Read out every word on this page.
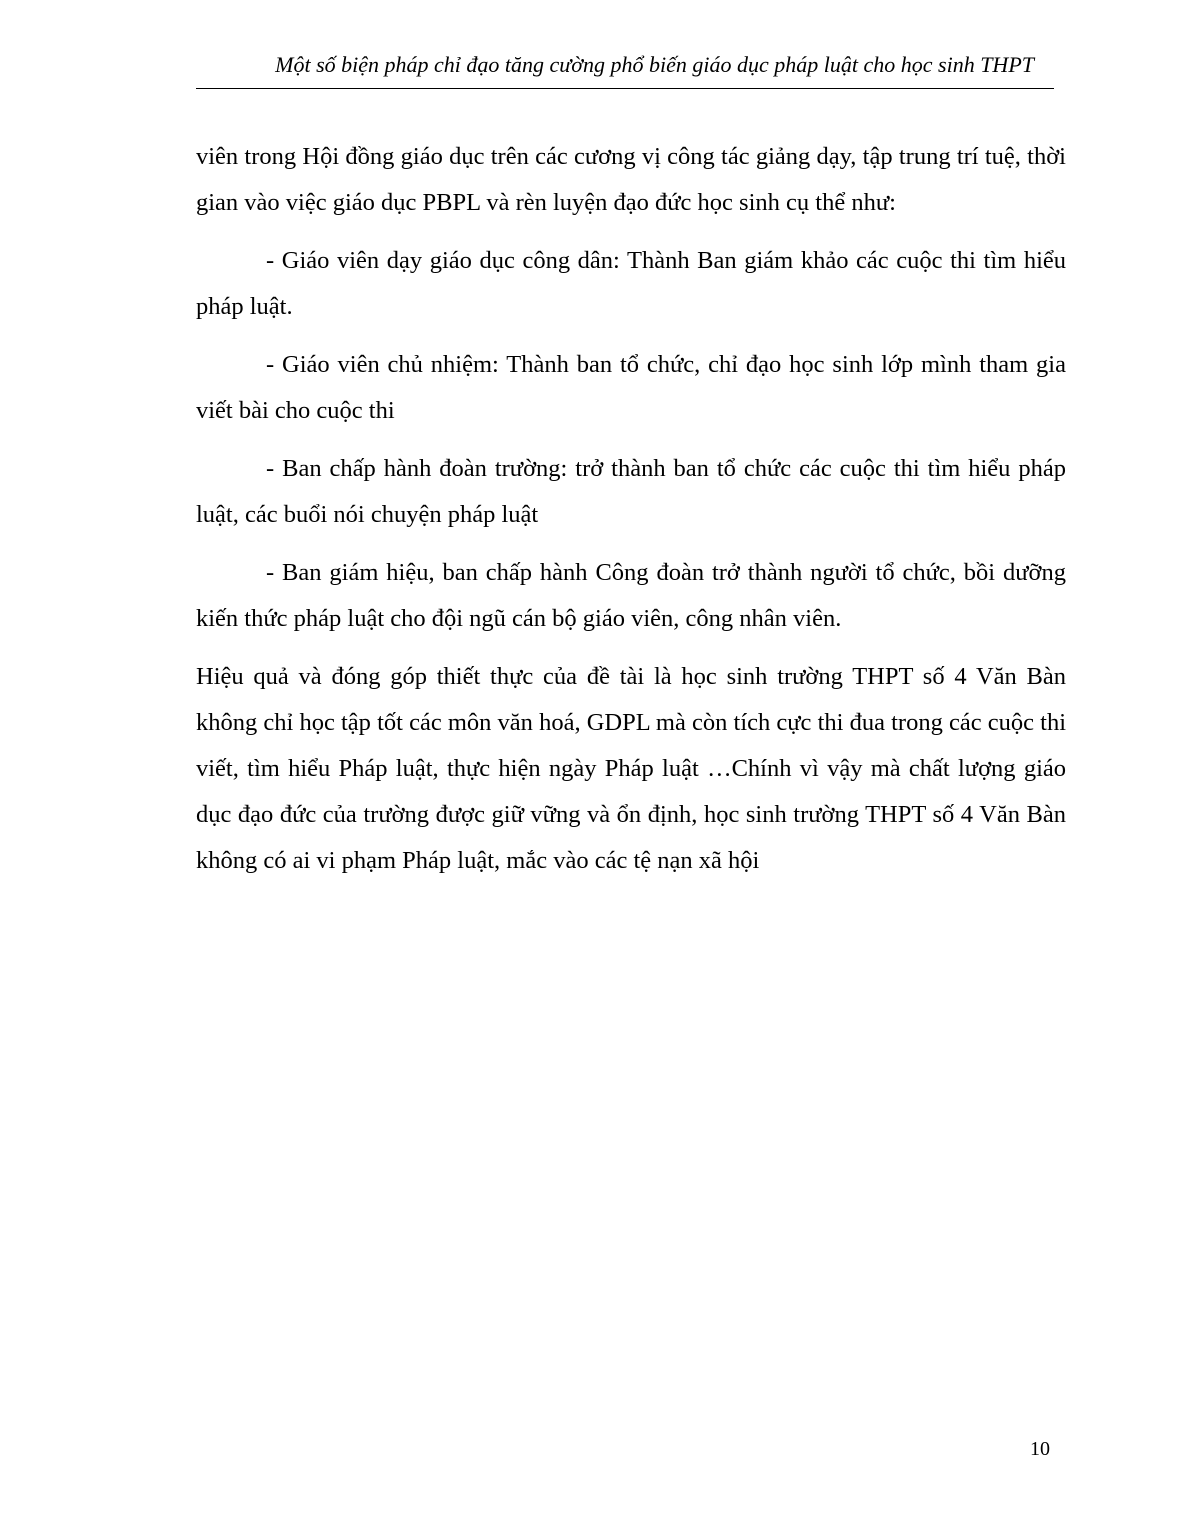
Một số biện pháp chỉ đạo tăng cường phổ biến giáo dục pháp luật cho học sinh THPT

viên trong Hội đồng giáo dục trên các cương vị công tác giảng dạy, tập trung trí tuệ, thời gian vào việc giáo dục PBPL và rèn luyện đạo đức học sinh cụ thể như:

- Giáo viên dạy giáo dục công dân: Thành Ban giám khảo các cuộc thi tìm hiểu pháp luật.

- Giáo viên chủ nhiệm: Thành ban tổ chức, chỉ đạo học sinh lớp mình tham gia viết bài cho cuộc thi

- Ban chấp hành đoàn trường: trở thành ban tổ chức các cuộc thi tìm hiểu pháp luật, các buổi nói chuyện pháp luật

- Ban giám hiệu, ban chấp hành Công đoàn trở thành người tổ chức, bồi dưỡng kiến thức pháp luật cho đội ngũ cán bộ giáo viên, công nhân viên.

Hiệu quả và đóng góp thiết thực của đề tài là học sinh trường THPT số 4 Văn Bàn không chỉ học tập tốt các môn văn hoá, GDPL mà còn tích cực thi đua trong các cuộc thi viết, tìm hiểu Pháp luật, thực hiện ngày Pháp luật …Chính vì vậy mà chất lượng giáo dục đạo đức của trường được giữ vững và ổn định, học sinh trường THPT số 4 Văn Bàn không có ai vi phạm Pháp luật, mắc vào các tệ nạn xã hội

10
